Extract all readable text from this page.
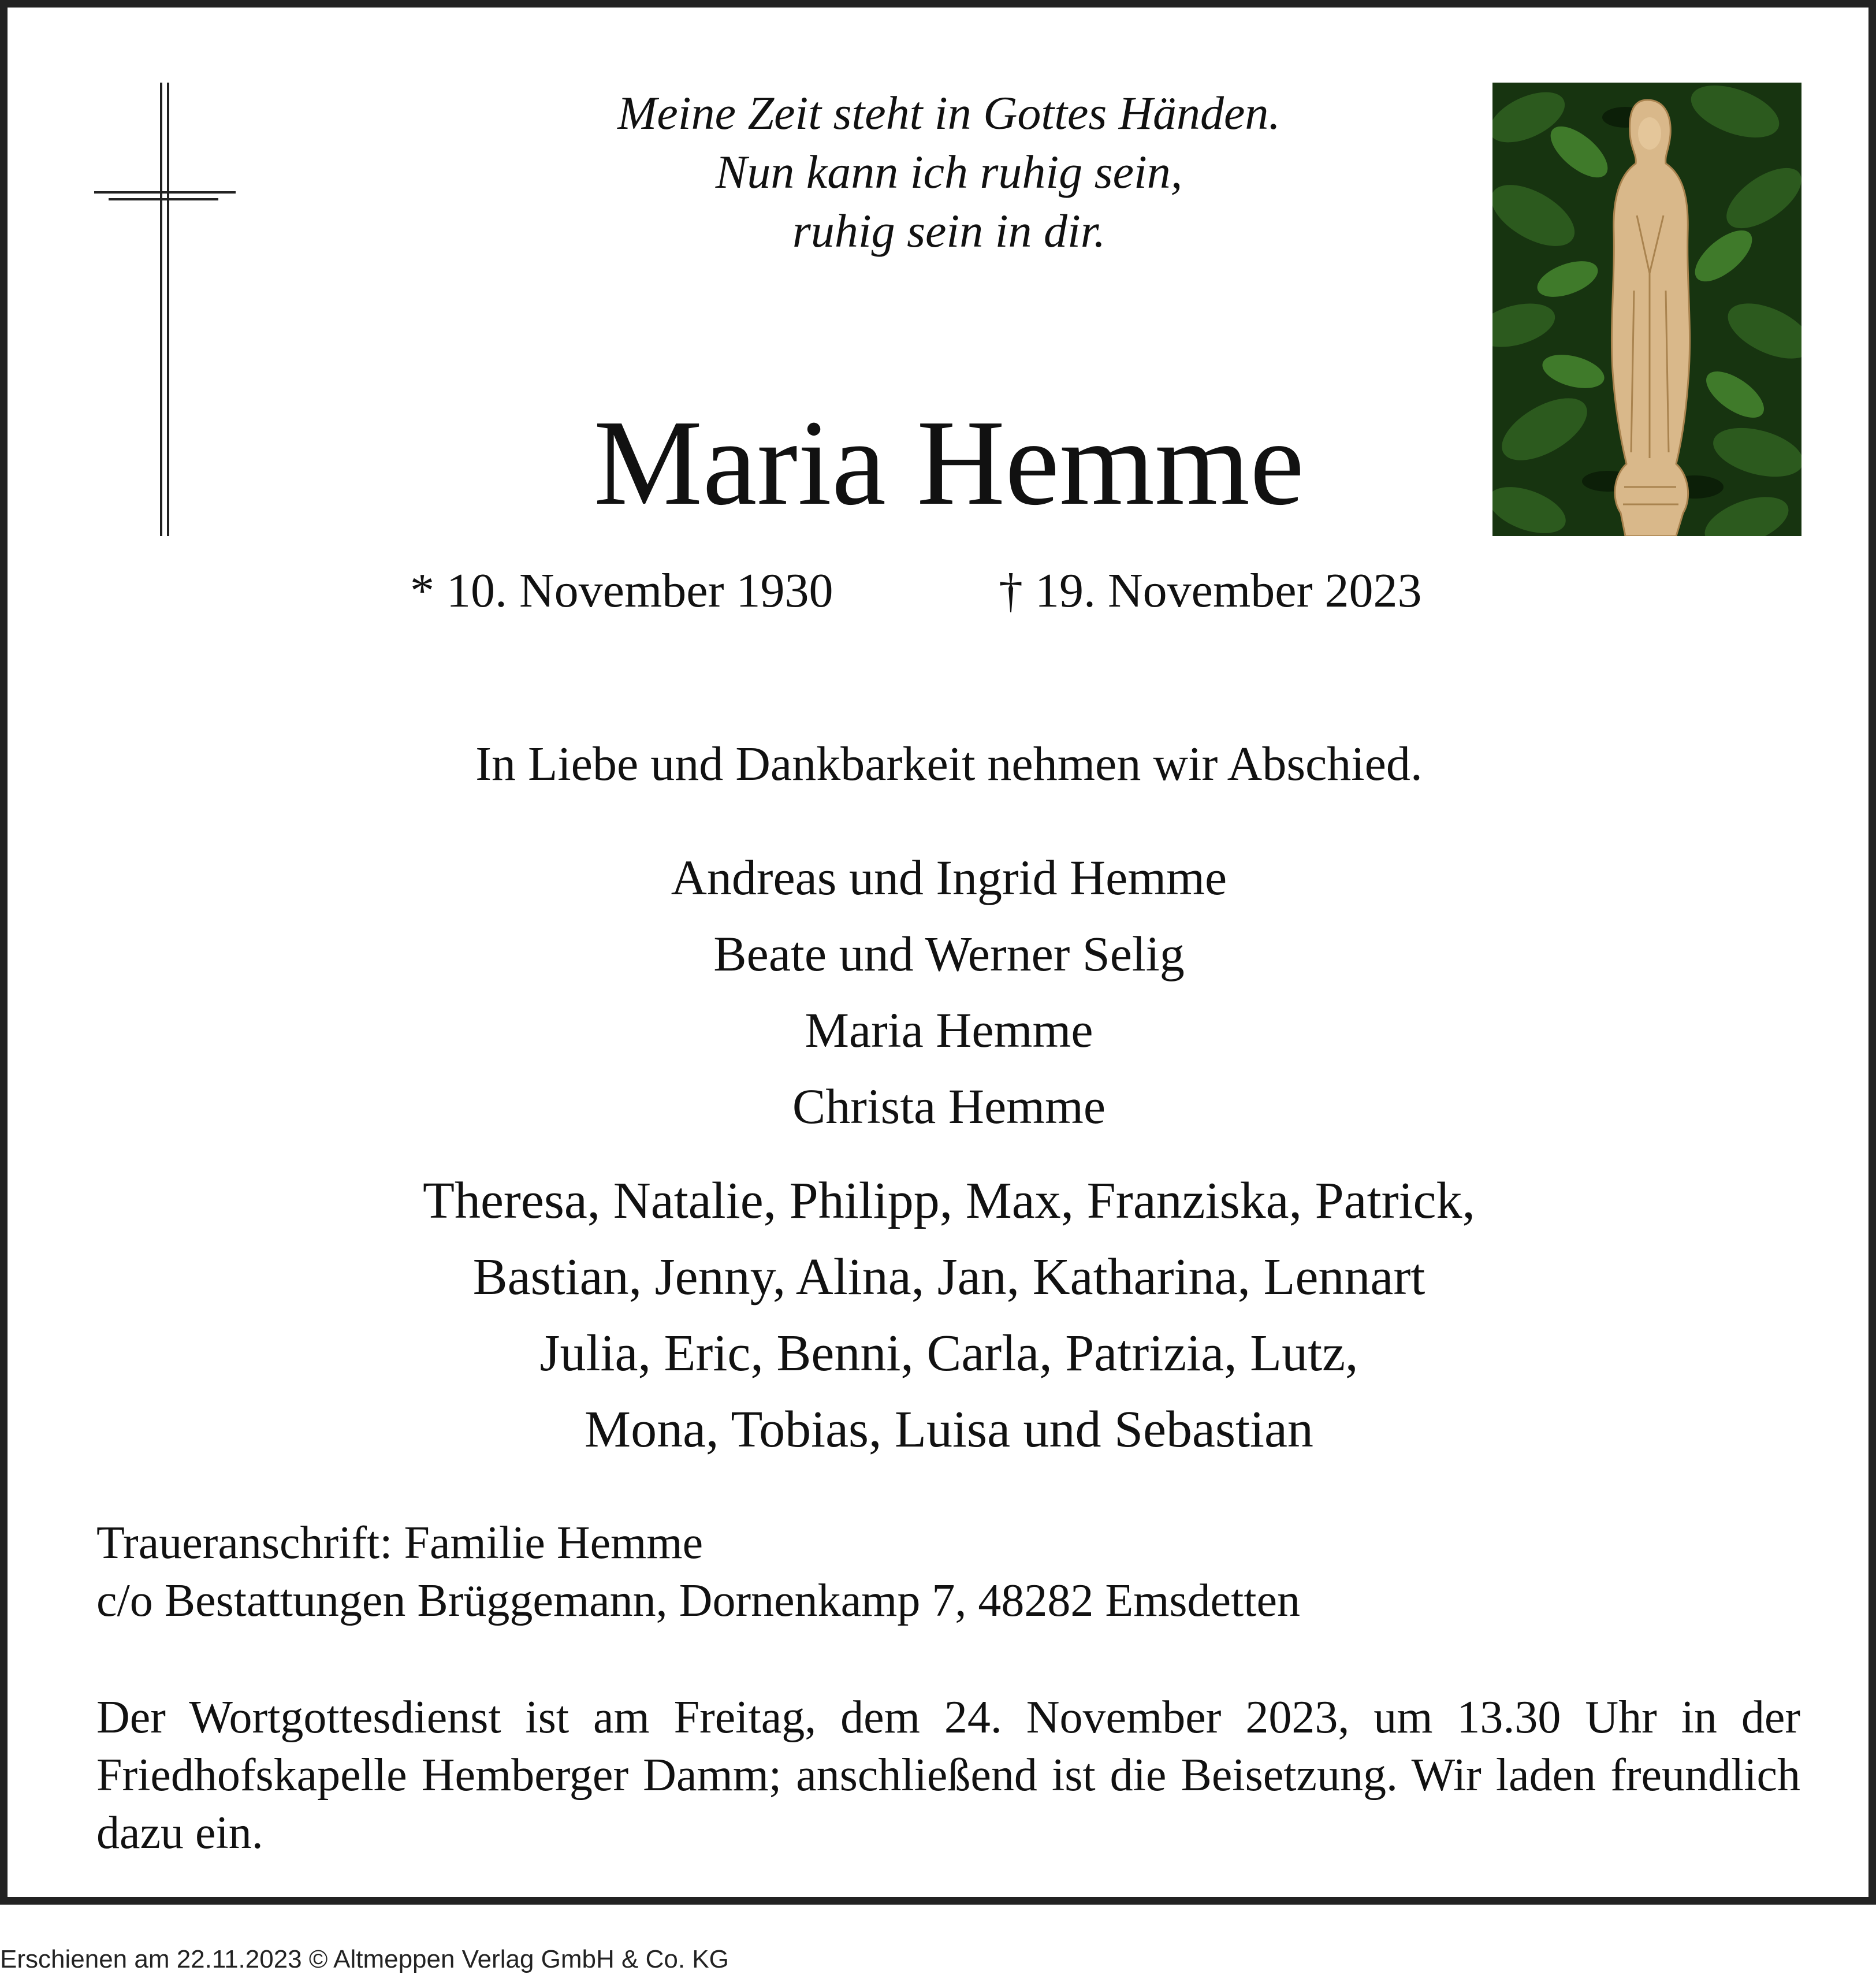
Meine Zeit steht in Gottes Händen.
Nun kann ich ruhig sein,
ruhig sein in dir.
Maria Hemme
* 10. November 1930	† 19. November 2023
In Liebe und Dankbarkeit nehmen wir Abschied.
Andreas und Ingrid Hemme
Beate und Werner Selig
Maria Hemme
Christa Hemme
Theresa, Natalie, Philipp, Max, Franziska, Patrick,
Bastian, Jenny, Alina, Jan, Katharina, Lennart
Julia, Eric, Benni, Carla, Patrizia, Lutz,
Mona, Tobias, Luisa und Sebastian
Traueranschrift: Familie Hemme
c/o Bestattungen Brüggemann, Dornenkamp 7, 48282 Emsdetten
Der Wortgottesdienst ist am Freitag, dem 24. November 2023, um 13.30 Uhr in der Friedhofskapelle Hemberger Damm; anschließend ist die Beisetzung. Wir laden freundlich dazu ein.
Erschienen am 22.11.2023 © Altmeppen Verlag GmbH & Co. KG
